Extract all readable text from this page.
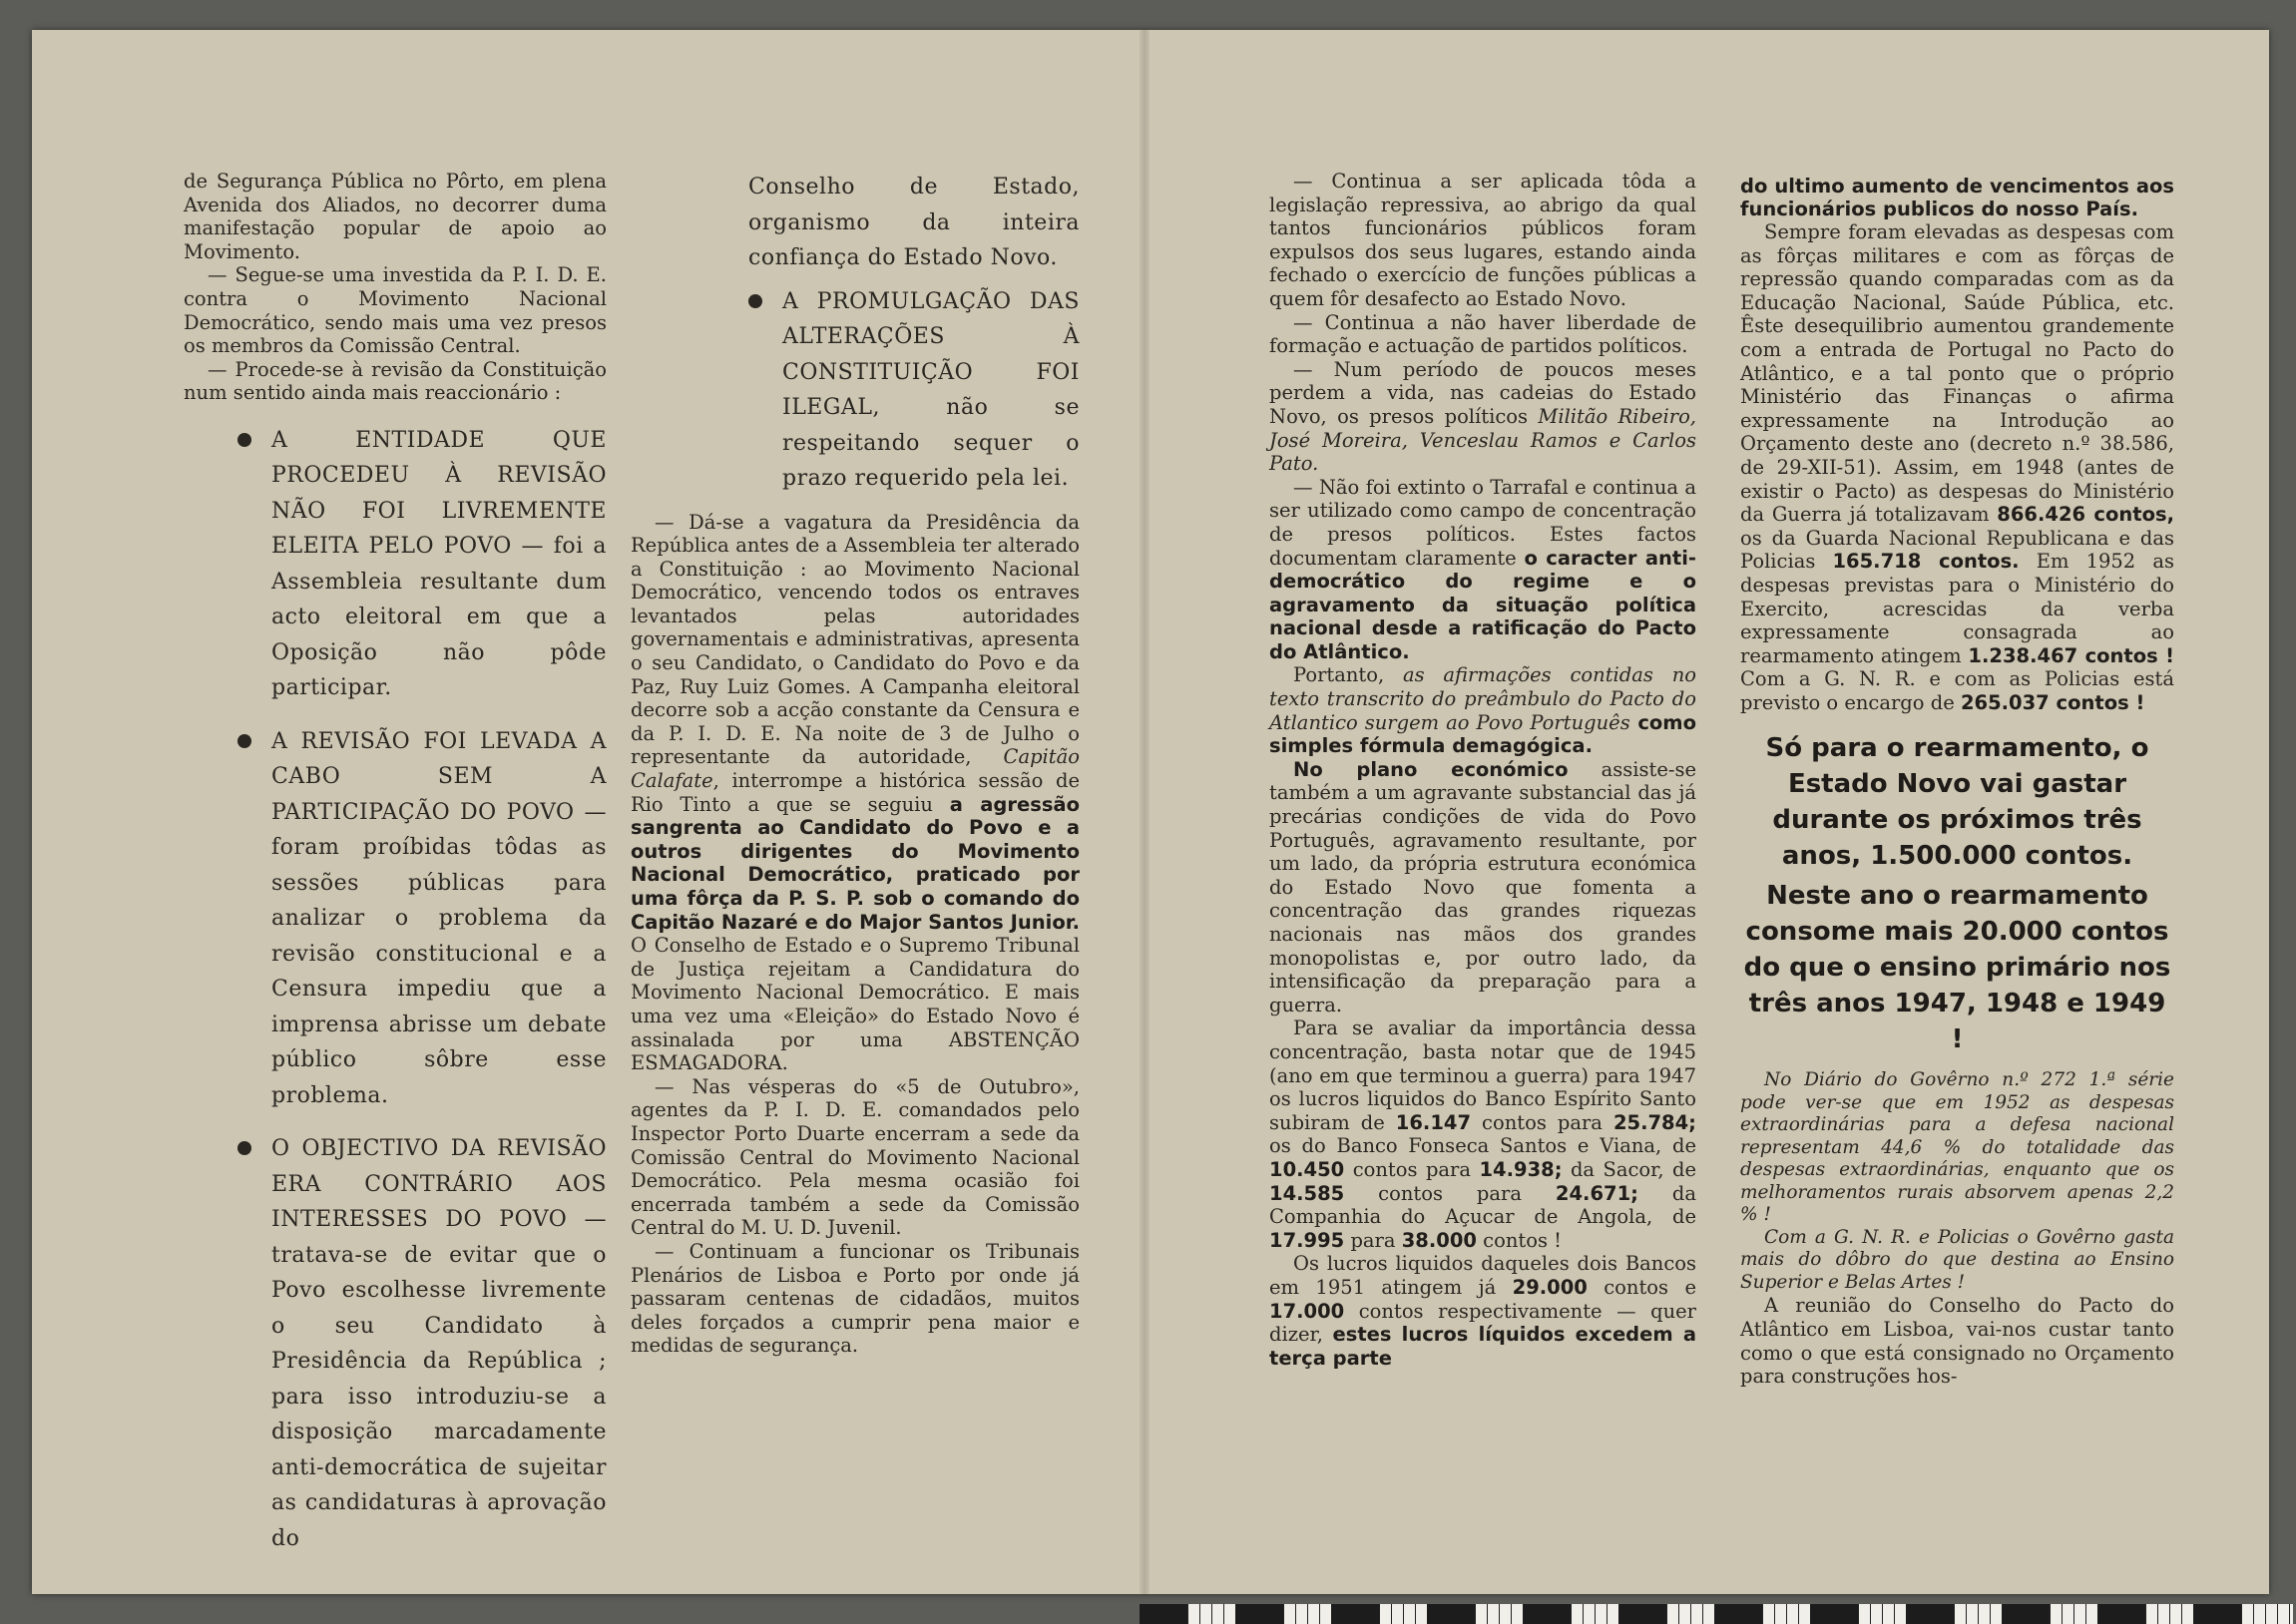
de Segurança Pública no Pôrto, em plena Avenida dos Aliados, no decorrer duma manifestação popular de apoio ao Movimento.

— Segue-se uma investida da P. I. D. E. contra o Movimento Nacional Democrático, sendo mais uma vez presos os membros da Comissão Central.

— Procede-se à revisão da Constituição num sentido ainda mais reaccionário :

A ENTIDADE QUE PROCEDEU À REVISÃO NÃO FOI LIVREMENTE ELEITA PELO POVO — foi a Assembleia resultante dum acto eleitoral em que a Oposição não pôde participar.

A REVISÃO FOI LEVADA A CABO SEM A PARTICIPAÇÃO DO POVO — foram proíbidas tôdas as sessões públicas para analizar o problema da revisão constitucional e a Censura impediu que a imprensa abrisse um debate público sôbre esse problema.

O OBJECTIVO DA REVISÃO ERA CONTRÁRIO AOS INTERESSES DO POVO — tratava-se de evitar que o Povo escolhesse livremente o seu Candidato à Presidência da República ; para isso introduziu-se a disposição marcadamente anti-democrática de sujeitar as candidaturas à aprovação do

Conselho de Estado, organismo da inteira confiança do Estado Novo.

A PROMULGAÇÃO DAS ALTERAÇÕES À CONSTITUIÇÃO FOI ILEGAL, não se respeitando sequer o prazo requerido pela lei.

— Dá-se a vagatura da Presidência da República antes de a Assembleia ter alterado a Constituição : ao Movimento Nacional Democrático, vencendo todos os entraves levantados pelas autoridades governamentais e administrativas, apresenta o seu Candidato, o Candidato do Povo e da Paz, Ruy Luiz Gomes. A Campanha eleitoral decorre sob a acção constante da Censura e da P. I. D. E. Na noite de 3 de Julho o representante da autoridade, Capitão Calafate, interrompe a histórica sessão de Rio Tinto a que se seguiu a agressão sangrenta ao Candidato do Povo e a outros dirigentes do Movimento Nacional Democrático, praticado por uma fôrça da P. S. P. sob o comando do Capitão Nazaré e do Major Santos Junior. O Conselho de Estado e o Supremo Tribunal de Justiça rejeitam a Candidatura do Movimento Nacional Democrático. E mais uma vez uma «Eleição» do Estado Novo é assinalada por uma ABSTENÇÃO ESMAGADORA.

— Nas vésperas do «5 de Outubro», agentes da P. I. D. E. comandados pelo Inspector Porto Duarte encerram a sede da Comissão Central do Movimento Nacional Democrático. Pela mesma ocasião foi encerrada também a sede da Comissão Central do M. U. D. Juvenil.

— Continuam a funcionar os Tribunais Plenários de Lisboa e Porto por onde já passaram centenas de cidadãos, muitos deles forçados a cumprir pena maior e medidas de segurança.

— Continua a ser aplicada tôda a legislação repressiva, ao abrigo da qual tantos funcionários públicos foram expulsos dos seus lugares, estando ainda fechado o exercício de funções públicas a quem fôr desafecto ao Estado Novo.

— Continua a não haver liberdade de formação e actuação de partidos políticos.

— Num período de poucos meses perdem a vida, nas cadeias do Estado Novo, os presos políticos Militão Ribeiro, José Moreira, Venceslau Ramos e Carlos Pato.

— Não foi extinto o Tarrafal e continua a ser utilizado como campo de concentração de presos políticos. Estes factos documentam claramente o caracter anti-democrático do regime e o agravamento da situação política nacional desde a ratificação do Pacto do Atlântico.

Portanto, as afirmações contidas no texto transcrito do preâmbulo do Pacto do Atlantico surgem ao Povo Português como simples fórmula demagógica.

No plano económico assiste-se também a um agravante substancial das já precárias condições de vida do Povo Português, agravamento resultante, por um lado, da própria estrutura económica do Estado Novo que fomenta a concentração das grandes riquezas nacionais nas mãos dos grandes monopolistas e, por outro lado, da intensificação da preparação para a guerra.

Para se avaliar da importância dessa concentração, basta notar que de 1945 (ano em que terminou a guerra) para 1947 os lucros liquidos do Banco Espírito Santo subiram de 16.147 contos para 25.784; os do Banco Fonseca Santos e Viana, de 10.450 contos para 14.938; da Sacor, de 14.585 contos para 24.671; da Companhia do Açucar de Angola, de 17.995 para 38.000 contos !

Os lucros liquidos daqueles dois Bancos em 1951 atingem já 29.000 contos e 17.000 contos respectivamente — quer dizer, estes lucros líquidos excedem a terça parte

do ultimo aumento de vencimentos aos funcionários publicos do nosso País.

Sempre foram elevadas as despesas com as fôrças militares e com as fôrças de repressão quando comparadas com as da Educação Nacional, Saúde Pública, etc. Êste desequilibrio aumentou grandemente com a entrada de Portugal no Pacto do Atlântico, e a tal ponto que o próprio Ministério das Finanças o afirma expressamente na Introdução ao Orçamento deste ano (decreto n.º 38.586, de 29-XII-51). Assim, em 1948 (antes de existir o Pacto) as despesas do Ministério da Guerra já totalizavam 866.426 contos, os da Guarda Nacional Republicana e das Policias 165.718 contos. Em 1952 as despesas previstas para o Ministério do Exercito, acrescidas da verba expressamente consagrada ao rearmamento atingem 1.238.467 contos ! Com a G. N. R. e com as Policias está previsto o encargo de 265.037 contos !

Só para o rearmamento, o Estado Novo vai gastar durante os próximos três anos, 1.500.000 contos.

Neste ano o rearmamento consome mais 20.000 contos do que o ensino primário nos três anos 1947, 1948 e 1949 !

No Diário do Govêrno n.º 272 1.ª série pode ver-se que em 1952 as despesas extraordinárias para a defesa nacional representam 44,6 % do totalidade das despesas extraordinárias, enquanto que os melhoramentos rurais absorvem apenas 2,2 % !

Com a G. N. R. e Policias o Govêrno gasta mais do dôbro do que destina ao Ensino Superior e Belas Artes !

A reunião do Conselho do Pacto do Atlântico em Lisboa, vai-nos custar tanto como o que está consignado no Orçamento para construções hos-
